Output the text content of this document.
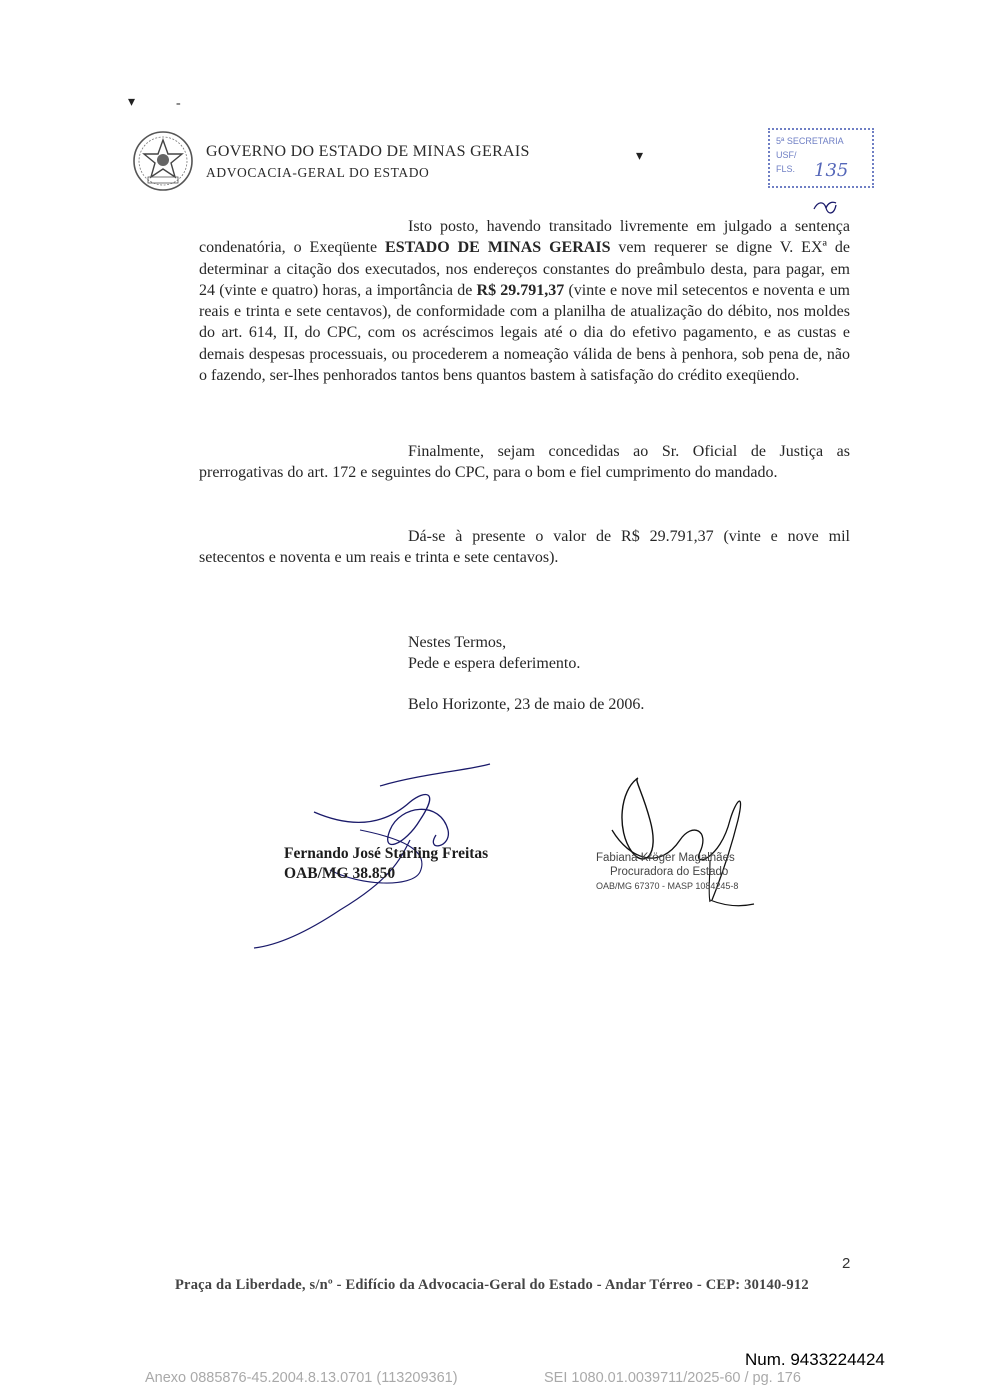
▾	-
▾
GOVERNO DO ESTADO DE MINAS GERAIS
ADVOCACIA-GERAL DO ESTADO
5ª SECRETARIA
USF/
FLS.	135

Isto posto, havendo transitado livremente em julgado a sentença condenatória, o Exeqüente ESTADO DE MINAS GERAIS vem requerer se digne V. EXª de determinar a citação dos executados, nos endereços constantes do preâmbulo desta, para pagar, em 24 (vinte e quatro) horas, a importância de R$ 29.791,37 (vinte e nove mil setecentos e noventa e um reais e trinta e sete centavos), de conformidade com a planilha de atualização do débito, nos moldes do art. 614, II, do CPC, com os acréscimos legais até o dia do efetivo pagamento, e as custas e demais despesas processuais, ou procederem a nomeação válida de bens à penhora, sob pena de, não o fazendo, ser-lhes penhorados tantos bens quantos bastem à satisfação do crédito exeqüendo.

Finalmente, sejam concedidas ao Sr. Oficial de Justiça as prerrogativas do art. 172 e seguintes do CPC, para o bom e fiel cumprimento do mandado.

Dá-se à presente o valor de R$ 29.791,37 (vinte e nove mil setecentos e noventa e um reais e trinta e sete centavos).

Nestes Termos,
Pede e espera deferimento.
Belo Horizonte, 23 de maio de 2006.
Fernando José Starling Freitas
OAB/MG 38.850
Fabiana Kröger Magalhães
Procuradora do Estado
OAB/MG 67370 - MASP 1084245-8
2
Praça da Liberdade, s/nº - Edifício da Advocacia-Geral do Estado - Andar Térreo - CEP: 30140-912
Num. 9433224424
Anexo 0885876-45.2004.8.13.0701 (113209361)	SEI 1080.01.0039711/2025-60 / pg. 176
